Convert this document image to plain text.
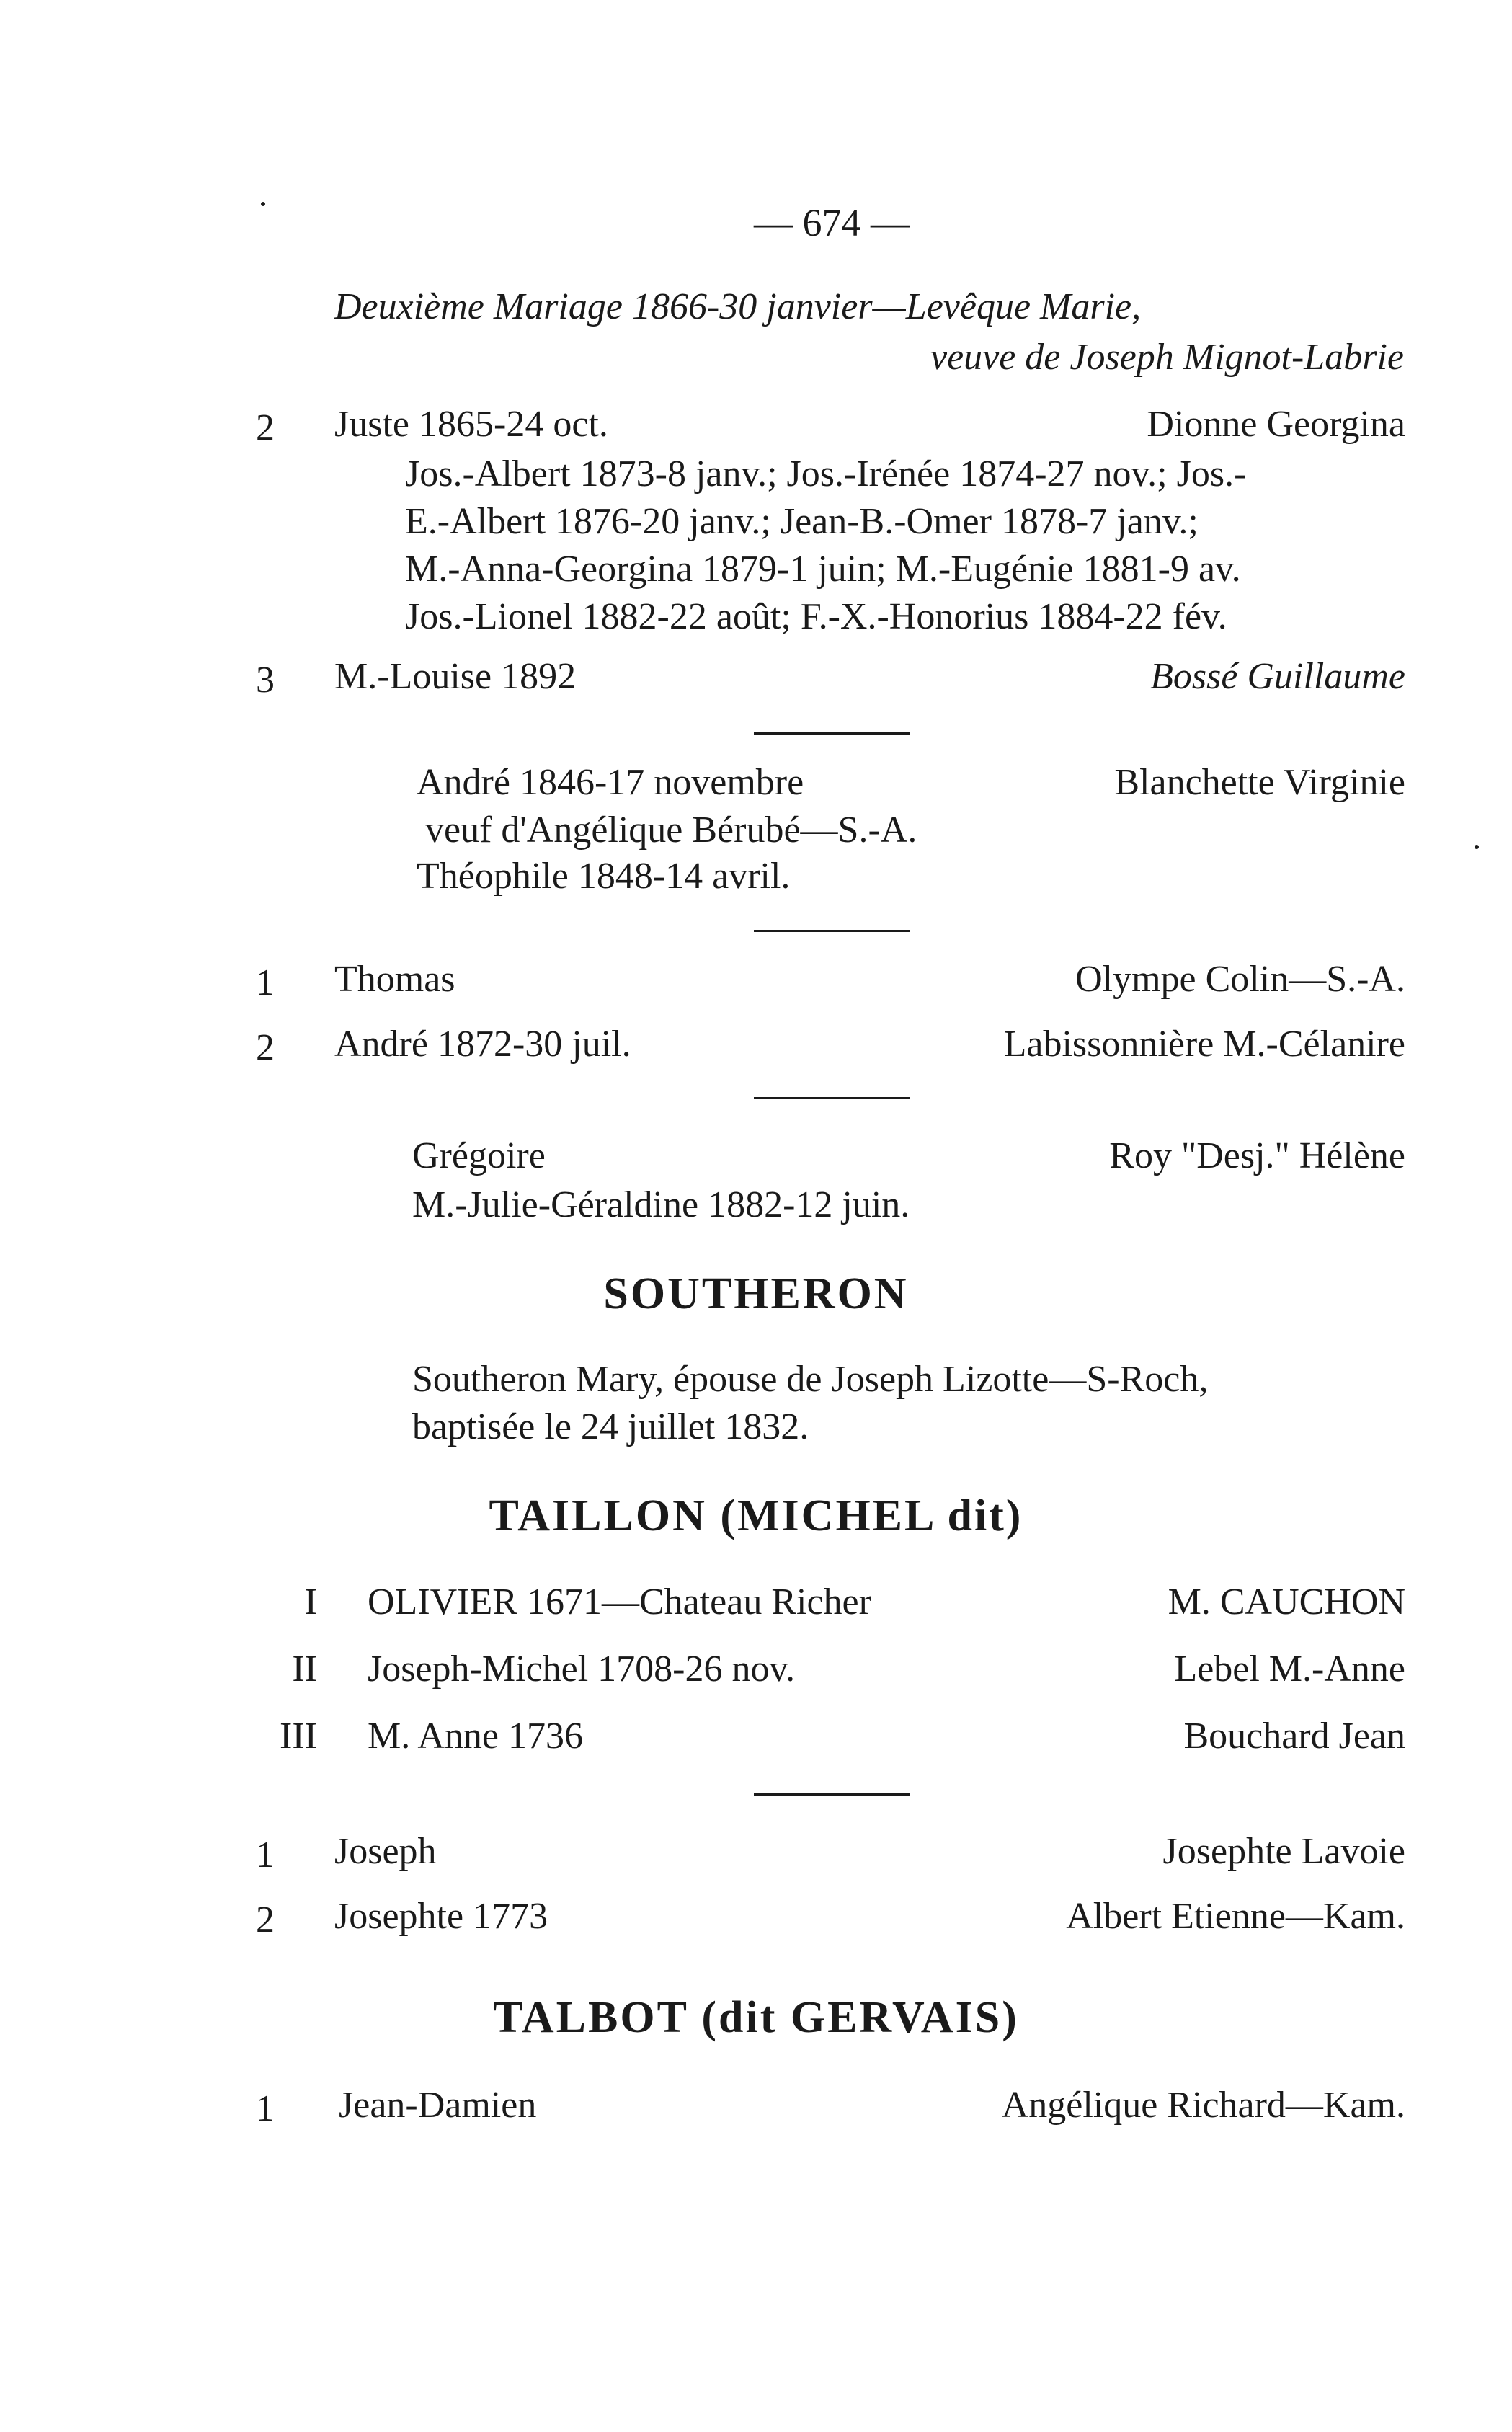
— 674 —
Deuxième Mariage 1866-30 janvier—Levêque Marie,
veuve de Joseph Mignot-Labrie
2 Juste 1865-24 oct.	Dionne Georgina
Jos.-Albert 1873-8 janv.; Jos.-Irénée 1874-27 nov.; Jos.-
E.-Albert 1876-20 janv.; Jean-B.-Omer 1878-7 janv.;
M.-Anna-Georgina 1879-1 juin; M.-Eugénie 1881-9 av.
Jos.-Lionel 1882-22 août; F.-X.-Honorius 1884-22 fév.
3 M.-Louise 1892	Bossé Guillaume
André 1846-17 novembre	Blanchette Virginie
veuf d'Angélique Bérubé—S.-A.
Théophile 1848-14 avril.
1 Thomas	Olympe Colin—S.-A.
2 André 1872-30 juil.	Labissonnière M.-Célanire
Grégoire	Roy "Desj." Hélène
M.-Julie-Géraldine 1882-12 juin.
SOUTHERON
Southeron Mary, épouse de Joseph Lizotte—S-Roch,
baptisée le 24 juillet 1832.
TAILLON (MICHEL dit)
I OLIVIER 1671—Chateau Richer	M. CAUCHON
II Joseph-Michel 1708-26 nov.	Lebel M.-Anne
III M. Anne 1736	Bouchard Jean
1 Joseph	Josephte Lavoie
2 Josephte 1773	Albert Etienne—Kam.
TALBOT (dit GERVAIS)
1 Jean-Damien	Angélique Richard—Kam.
